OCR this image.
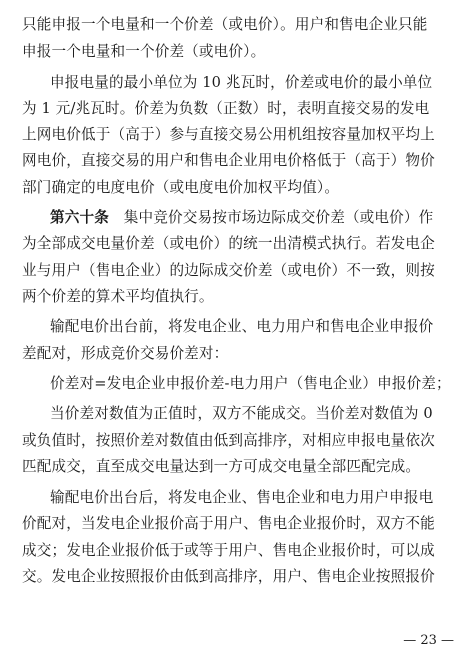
只能申报一个电量和一个价差（或电价）。用户和售电企业只能
申报一个电量和一个价差（或电价）。
申报电量的最小单位为 10 兆瓦时，价差或电价的最小单位
为 1 元/兆瓦时。价差为负数（正数）时，表明直接交易的发电
上网电价低于（高于）参与直接交易公用机组按容量加权平均上
网电价，直接交易的用户和售电企业用电价格低于（高于）物价
部门确定的电度电价（或电度电价加权平均值）。
第六十条 集中竞价交易按市场边际成交价差（或电价）作
为全部成交电量价差（或电价）的统一出清模式执行。若发电企
业与用户（售电企业）的边际成交价差（或电价）不一致，则按
两个价差的算术平均值执行。
输配电价出台前，将发电企业、电力用户和售电企业申报价
差配对，形成竞价交易价差对：
价差对=发电企业申报价差-电力用户（售电企业）申报价差；
当价差对数值为正值时，双方不能成交。当价差对数值为 0
或负值时，按照价差对数值由低到高排序，对相应申报电量依次
匹配成交，直至成交电量达到一方可成交电量全部匹配完成。
输配电价出台后，将发电企业、售电企业和电力用户申报电
价配对，当发电企业报价高于用户、售电企业报价时，双方不能
成交；发电企业报价低于或等于用户、售电企业报价时，可以成
交。发电企业按照报价由低到高排序，用户、售电企业按照报价
— 23 —
